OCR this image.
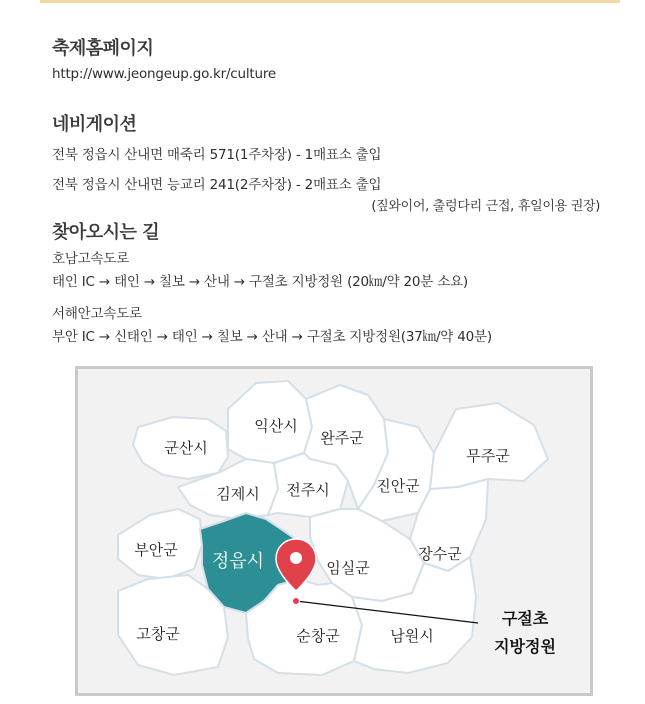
축제홈페이지
http://www.jeongeup.go.kr/culture
네비게이션
전북 정읍시 산내면 매죽리 571(1주차장) - 1매표소 출입
전북 정읍시 산내면 능교리 241(2주차장) - 2매표소 출입
(짚와이어, 출렁다리 근접, 휴일이용 권장)
찾아오시는 길
호남고속도로
태인 IC → 태인 → 칠보 → 산내 → 구절초 지방정원 (20㎞/약 20분 소요)
서해안고속도로
부안 IC → 신태인 → 태인 → 칠보 → 산내 → 구절초 지방정원(37㎞/약 40분)
익산시
군산시
완주군
무주군
김제시 전주시	진안군
부안군
정읍시	임실군
장수군
고창군	순창군	남원시
구절초
지방정원
